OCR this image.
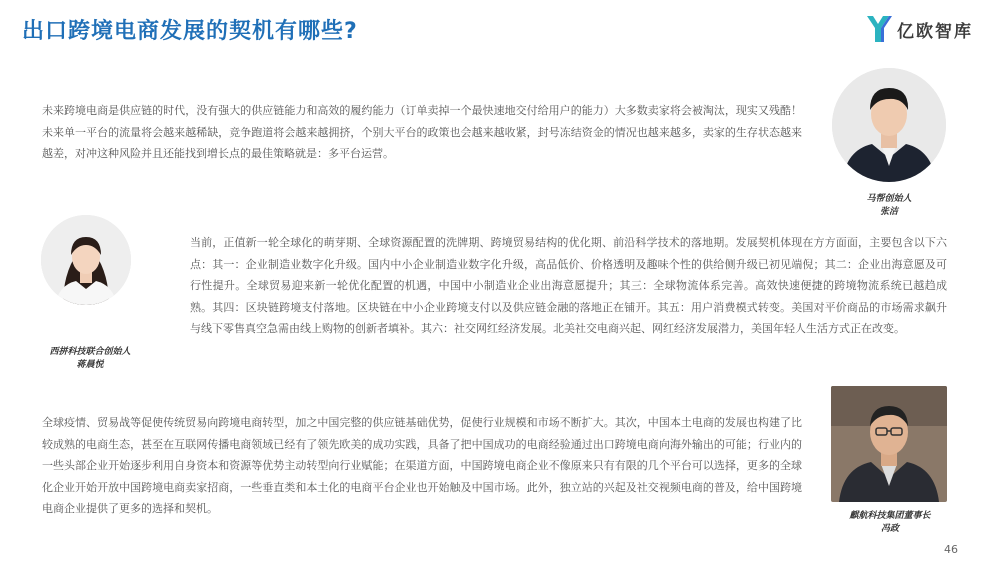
出口跨境电商发展的契机有哪些?	亿欧智库

未来跨境电商是供应链的时代，没有强大的供应链能力和高效的履约能力（订单卖掉一个最快速地交付给用户的能力）大多数卖家将会被淘汰，现实又残酷！未来单一平台的流量将会越来越稀缺，竞争跑道将会越来越拥挤，个别大平台的政策也会越来越收紧，封号冻结资金的情况也越来越多，卖家的生存状态越来越差，对冲这种风险并且还能找到增长点的最佳策略就是：多平台运营。

马帮创始人
张洁
西拼科技联合创始人
蒋晨悦

当前，正值新一轮全球化的萌芽期、全球资源配置的洗牌期、跨境贸易结构的优化期、前沿科学技术的落地期。发展契机体现在方方面面，主要包含以下六点：其一：企业制造业数字化升级。国内中小企业制造业数字化升级，高品低价、价格透明及趣味个性的供给侧升级已初见端倪；其二：企业出海意愿及可行性提升。全球贸易迎来新一轮优化配置的机遇，中国中小制造业企业出海意愿提升；其三：全球物流体系完善。高效快速便捷的跨境物流系统已越趋成熟。其四：区块链跨境支付落地。区块链在中小企业跨境支付以及供应链金融的落地正在铺开。其五：用户消费模式转变。美国对平价商品的市场需求飙升与线下零售真空急需由线上购物的创新者填补。其六：社交网红经济发展。北美社交电商兴起、网红经济发展潜力，美国年轻人生活方式正在改变。

全球疫情、贸易战等促使传统贸易向跨境电商转型，加之中国完整的供应链基础优势，促使行业规模和市场不断扩大。其次，中国本土电商的发展也构建了比较成熟的电商生态，甚至在互联网传播电商领域已经有了领先欧美的成功实践，具备了把中国成功的电商经验通过出口跨境电商向海外输出的可能；行业内的一些头部企业开始逐步利用自身资本和资源等优势主动转型向行业赋能；在渠道方面，中国跨境电商企业不像原来只有有限的几个平台可以选择，更多的全球化企业开始开放中国跨境电商卖家招商，一些垂直类和本土化的电商平台企业也开始触及中国市场。此外，独立站的兴起及社交视频电商的普及，给中国跨境电商企业提供了更多的选择和契机。

麒航科技集团董事长
冯政
46
